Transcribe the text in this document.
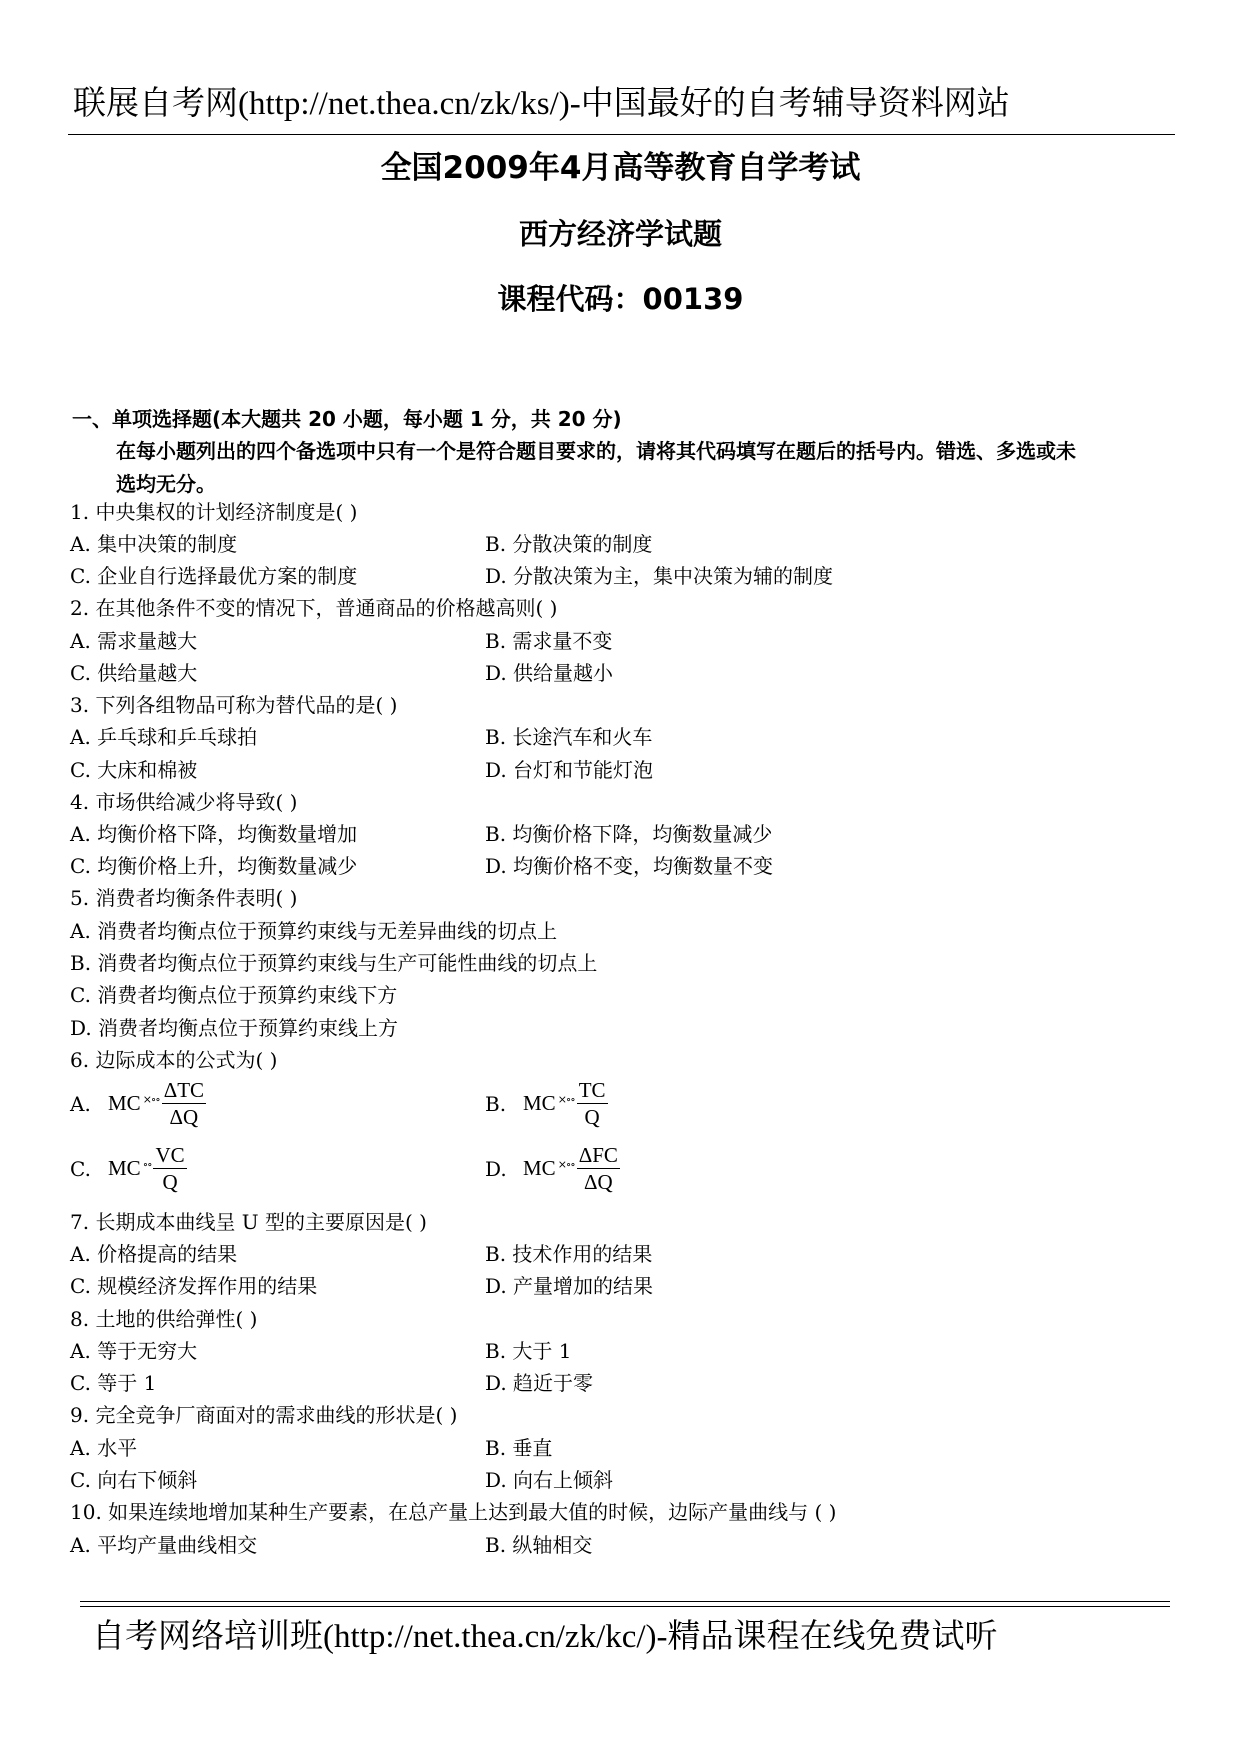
联展自考网(http://net.thea.cn/zk/ks/)-中国最好的自考辅导资料网站
全国2009年4月高等教育自学考试
西方经济学试题
课程代码：00139
一、单项选择题(本大题共 20 小题，每小题 1 分，共 20 分)
在每小题列出的四个备选项中只有一个是符合题目要求的，请将其代码填写在题后的括号内。错选、多选或未
选均无分。
1. 中央集权的计划经济制度是( )
A. 集中决策的制度	B. 分散决策的制度
C. 企业自行选择最优方案的制度	D. 分散决策为主，集中决策为辅的制度
2. 在其他条件不变的情况下，普通商品的价格越高则( )
A. 需求量越大	B. 需求量不变
C. 供给量越大	D. 供给量越小
3. 下列各组物品可称为替代品的是( )
A. 乒乓球和乒乓球拍	B. 长途汽车和火车
C. 大床和棉被	D. 台灯和节能灯泡
4. 市场供给减少将导致( )
A. 均衡价格下降，均衡数量增加	B. 均衡价格下降，均衡数量减少
C. 均衡价格上升，均衡数量减少	D. 均衡价格不变，均衡数量不变
5. 消费者均衡条件表明( )
A. 消费者均衡点位于预算约束线与无差异曲线的切点上
B. 消费者均衡点位于预算约束线与生产可能性曲线的切点上
C. 消费者均衡点位于预算约束线下方
D. 消费者均衡点位于预算约束线上方
6. 边际成本的公式为( )
A. MC ×∘∘ $\frac{\text{ΔTC}}{\Delta Q}$	B. MC ×∘∘ $\frac{TC}{Q}$
C. MC ∘∘ $\frac{VC}{Q}$	D. MC ×∘∘ $\frac{\text{ΔFC}}{\Delta Q}$
7. 长期成本曲线呈 U 型的主要原因是( )
A. 价格提高的结果	B. 技术作用的结果
C. 规模经济发挥作用的结果	D. 产量增加的结果
8. 土地的供给弹性( )
A. 等于无穷大	B. 大于 1
C. 等于 1	D. 趋近于零
9. 完全竞争厂商面对的需求曲线的形状是( )
A. 水平	B. 垂直
C. 向右下倾斜	D. 向右上倾斜
10. 如果连续地增加某种生产要素，在总产量上达到最大值的时候，边际产量曲线与 ( )
A. 平均产量曲线相交	B. 纵轴相交
自考网络培训班(http://net.thea.cn/zk/kc/)-精品课程在线免费试听
